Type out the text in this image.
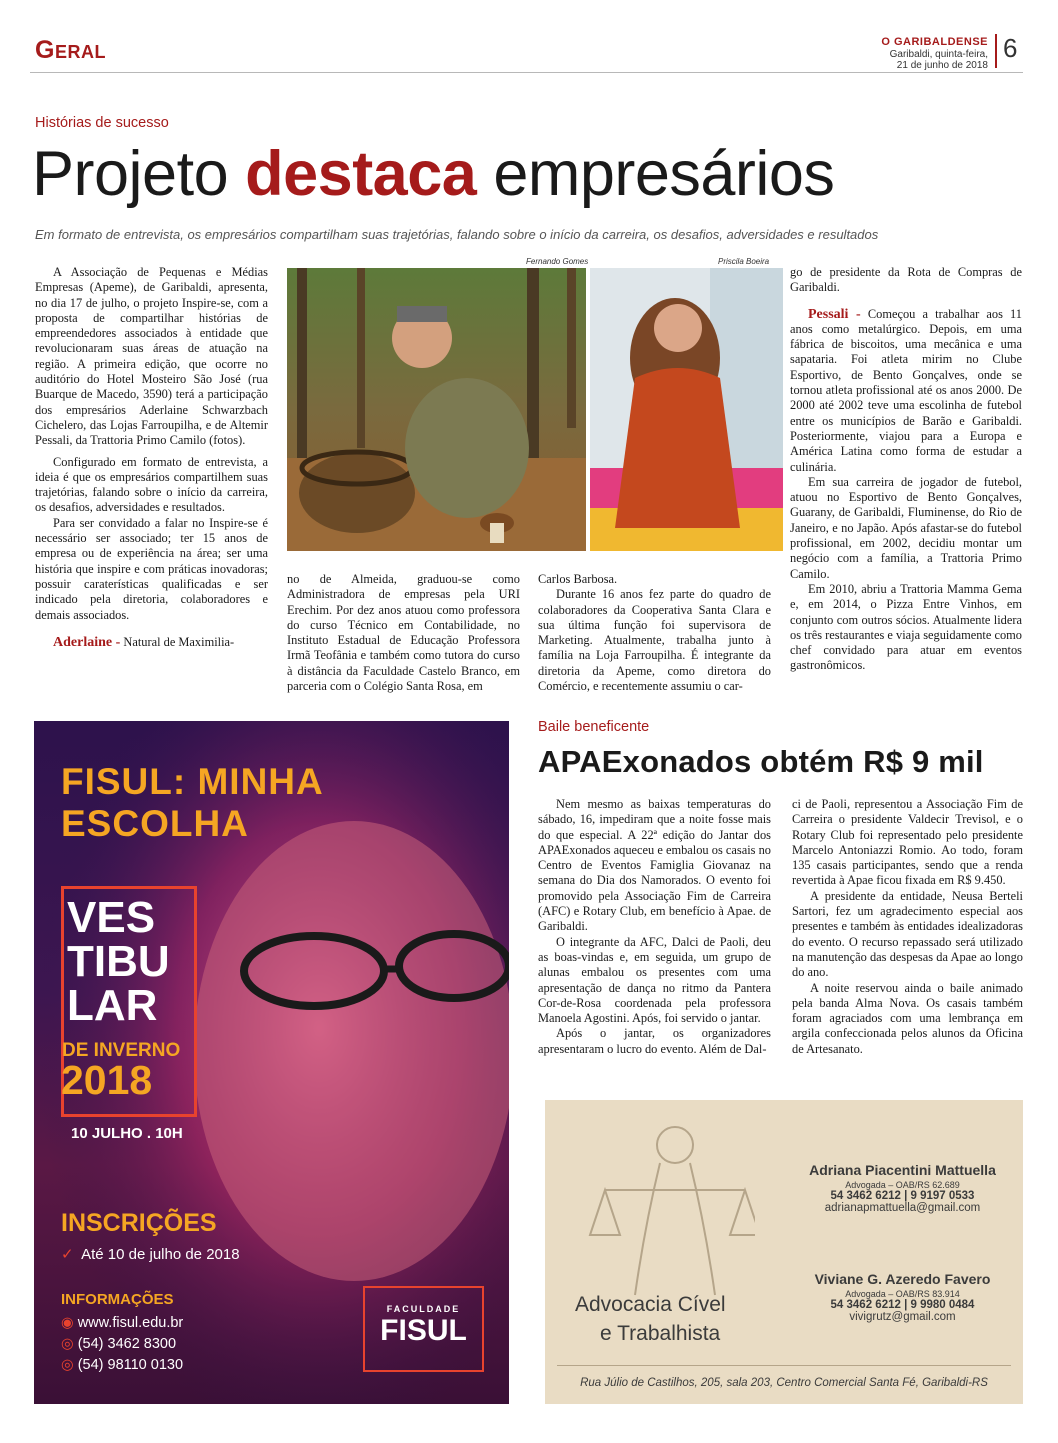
Geral	O GARIBALDENSE
Garibaldi, quinta-feira,
21 de junho de 2018
6
Histórias de sucesso
Projeto destaca empresários
Em formato de entrevista, os empresários compartilham suas trajetórias, falando sobre o início da carreira, os desafios, adversidades e resultados

A Associação de Pequenas e Médias Empresas (Apeme), de Garibaldi, apresenta, no dia 17 de julho, o projeto Inspire-se, com a proposta de compartilhar histórias de empreendedores associados à entidade que revolucionaram suas áreas de atuação na região. A primeira edição, que ocorre no auditório do Hotel Mosteiro São José (rua Buarque de Macedo, 3590) terá a participação dos empresários Aderlaine Schwarzbach Cichelero, das Lojas Farroupilha, e de Altemir Pessali, da Trattoria Primo Camilo (fotos).

Configurado em formato de entrevista, a ideia é que os empresários compartilhem suas trajetórias, falando sobre o início da carreira, os desafios, adversidades e resultados.

Para ser convidado a falar no Inspire-se é necessário ser associado; ter 15 anos de empresa ou de experiência na área; ser uma história que inspire e com práticas inovadoras; possuir caraterísticas qualificadas e ser indicado pela diretoria, colaboradores e demais associados.

Aderlaine - Natural de Maximilia-

Fernando Gomes	Priscila Boeira

no de Almeida, graduou-se como Administradora de empresas pela URI Erechim. Por dez anos atuou como professora do curso Técnico em Contabilidade, no Instituto Estadual de Educação Professora Irmã Teofânia e também como tutora do curso à distância da Faculdade Castelo Branco, em parceria com o Colégio Santa Rosa, em

Carlos Barbosa.

Durante 16 anos fez parte do quadro de colaboradores da Cooperativa Santa Clara e sua última função foi supervisora de Marketing. Atualmente, trabalha junto à família na Loja Farroupilha. É integrante da diretoria da Apeme, como diretora do Comércio, e recentemente assumiu o car-

go de presidente da Rota de Compras de Garibaldi.

Pessali - Começou a trabalhar aos 11 anos como metalúrgico. Depois, em uma fábrica de biscoitos, uma mecânica e uma sapataria. Foi atleta mirim no Clube Esportivo, de Bento Gonçalves, onde se tornou atleta profissional até os anos 2000. De 2000 até 2002 teve uma escolinha de futebol entre os municípios de Barão e Garibaldi. Posteriormente, viajou para a Europa e América Latina como forma de estudar a culinária.

Em sua carreira de jogador de futebol, atuou no Esportivo de Bento Gonçalves, Guarany, de Garibaldi, Fluminense, do Rio de Janeiro, e no Japão. Após afastar-se do futebol profissional, em 2002, decidiu montar um negócio com a família, a Trattoria Primo Camilo.

Em 2010, abriu a Trattoria Mamma Gema e, em 2014, o Pizza Entre Vinhos, em conjunto com outros sócios. Atualmente lidera os três restaurantes e viaja seguidamente como chef convidado para atuar em eventos gastronômicos.

FISUL: MINHA ESCOLHA
VES
TIBU
LAR
DE INVERNO
2018
10 JULHO . 10H
INSCRIÇÕES
✓ Até 10 de julho de 2018
INFORMAÇÕES
◉ www.fisul.edu.br
◎ (54) 3462 8300
◎ (54) 98110 0130
FACULDADE
FISUL
Baile beneficente
APAExonados obtém R$ 9 mil

Nem mesmo as baixas temperaturas do sábado, 16, impediram que a noite fosse mais do que especial. A 22ª edição do Jantar dos APAExonados aqueceu e embalou os casais no Centro de Eventos Famiglia Giovanaz na semana do Dia dos Namorados. O evento foi promovido pela Associação Fim de Carreira (AFC) e Rotary Club, em benefício à Apae. de Garibaldi.

O integrante da AFC, Dalci de Paoli, deu as boas-vindas e, em seguida, um grupo de alunas embalou os presentes com uma apresentação de dança no ritmo da Pantera Cor-de-Rosa coordenada pela professora Manoela Agostini. Após, foi servido o jantar.

Após o jantar, os organizadores apresentaram o lucro do evento. Além de Dal-

ci de Paoli, representou a Associação Fim de Carreira o presidente Valdecir Trevisol, e o Rotary Club foi representado pelo presidente Marcelo Antoniazzi Romio. Ao todo, foram 135 casais participantes, sendo que a renda revertida à Apae ficou fixada em R$ 9.450.

A presidente da entidade, Neusa Berteli Sartori, fez um agradecimento especial aos presentes e também às entidades idealizadoras do evento. O recurso repassado será utilizado na manutenção das despesas da Apae ao longo do ano.

A noite reservou ainda o baile animado pela banda Alma Nova. Os casais também foram agraciados com uma lembrança em argila confeccionada pelos alunos da Oficina de Artesanato.

Advocacia Cível
e Trabalhista
Adriana Piacentini Mattuella
Advogada – OAB/RS 62.689
54 3462 6212 | 9 9197 0533
adrianapmattuella@gmail.com
Viviane G. Azeredo Favero
Advogada – OAB/RS 83.914
54 3462 6212 | 9 9980 0484
vivigrutz@gmail.com
Rua Júlio de Castilhos, 205, sala 203, Centro Comercial Santa Fé, Garibaldi-RS
